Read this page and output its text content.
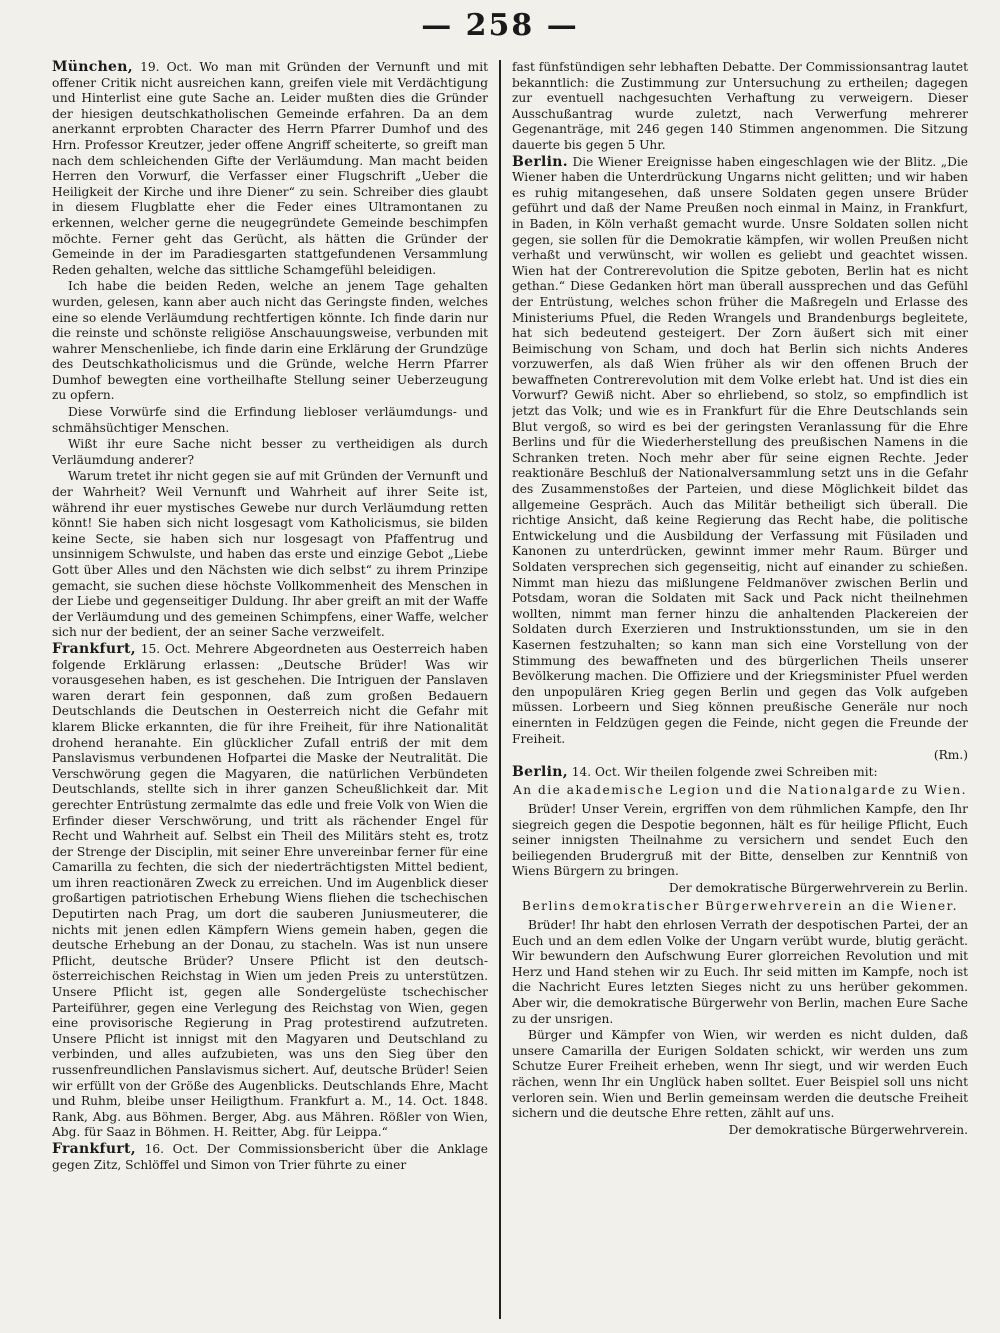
— 258 —

München, 19. Oct. Wo man mit Gründen der Vernunft und mit offener Critik nicht ausreichen kann, greifen viele mit Verdächtigung und Hinterlist eine gute Sache an. Leider mußten dies die Gründer der hiesigen deutschkatholischen Gemeinde erfahren. Da an dem anerkannt erprobten Character des Herrn Pfarrer Dumhof und des Hrn. Professor Kreutzer, jeder offene Angriff scheiterte, so greift man nach dem schleichenden Gifte der Verläumdung. Man macht beiden Herren den Vorwurf, die Verfasser einer Flugschrift „Ueber die Heiligkeit der Kirche und ihre Diener“ zu sein. Schreiber dies glaubt in diesem Flugblatte eher die Feder eines Ultramontanen zu erkennen, welcher gerne die neugegründete Gemeinde beschimpfen möchte. Ferner geht das Gerücht, als hätten die Gründer der Gemeinde in der im Paradiesgarten stattgefundenen Versammlung Reden gehalten, welche das sittliche Schamgefühl beleidigen.

Ich habe die beiden Reden, welche an jenem Tage gehalten wurden, gelesen, kann aber auch nicht das Geringste finden, welches eine so elende Verläumdung rechtfertigen könnte. Ich finde darin nur die reinste und schönste religiöse Anschauungsweise, verbunden mit wahrer Menschenliebe, ich finde darin eine Erklärung der Grundzüge des Deutschkatholicismus und die Gründe, welche Herrn Pfarrer Dumhof bewegten eine vortheilhafte Stellung seiner Ueberzeugung zu opfern.

Diese Vorwürfe sind die Erfindung liebloser verläumdungs- und schmähsüchtiger Menschen.

Wißt ihr eure Sache nicht besser zu vertheidigen als durch Verläumdung anderer?

Warum tretet ihr nicht gegen sie auf mit Gründen der Vernunft und der Wahrheit? Weil Vernunft und Wahrheit auf ihrer Seite ist, während ihr euer mystisches Gewebe nur durch Verläumdung retten könnt! Sie haben sich nicht losgesagt vom Katholicismus, sie bilden keine Secte, sie haben sich nur losgesagt von Pfaffentrug und unsinnigem Schwulste, und haben das erste und einzige Gebot „Liebe Gott über Alles und den Nächsten wie dich selbst“ zu ihrem Prinzipe gemacht, sie suchen diese höchste Vollkommenheit des Menschen in der Liebe und gegenseitiger Duldung. Ihr aber greift an mit der Waffe der Verläumdung und des gemeinen Schimpfens, einer Waffe, welcher sich nur der bedient, der an seiner Sache verzweifelt.

Frankfurt, 15. Oct. Mehrere Abgeordneten aus Oesterreich haben folgende Erklärung erlassen: „Deutsche Brüder! Was wir vorausgesehen haben, es ist geschehen. Die Intriguen der Panslaven waren derart fein gesponnen, daß zum großen Bedauern Deutschlands die Deutschen in Oesterreich nicht die Gefahr mit klarem Blicke erkannten, die für ihre Freiheit, für ihre Nationalität drohend heranahte. Ein glücklicher Zufall entriß der mit dem Panslavismus verbundenen Hofpartei die Maske der Neutralität. Die Verschwörung gegen die Magyaren, die natürlichen Verbündeten Deutschlands, stellte sich in ihrer ganzen Scheußlichkeit dar. Mit gerechter Entrüstung zermalmte das edle und freie Volk von Wien die Erfinder dieser Verschwörung, und tritt als rächender Engel für Recht und Wahrheit auf. Selbst ein Theil des Militärs steht es, trotz der Strenge der Disciplin, mit seiner Ehre unvereinbar ferner für eine Camarilla zu fechten, die sich der niederträchtigsten Mittel bedient, um ihren reactionären Zweck zu erreichen. Und im Augenblick dieser großartigen patriotischen Erhebung Wiens fliehen die tschechischen Deputirten nach Prag, um dort die sauberen Juniusmeuterer, die nichts mit jenen edlen Kämpfern Wiens gemein haben, gegen die deutsche Erhebung an der Donau, zu stacheln. Was ist nun unsere Pflicht, deutsche Brüder? Unsere Pflicht ist den deutsch-österreichischen Reichstag in Wien um jeden Preis zu unterstützen. Unsere Pflicht ist, gegen alle Sondergelüste tschechischer Parteiführer, gegen eine Verlegung des Reichstag von Wien, gegen eine provisorische Regierung in Prag protestirend aufzutreten. Unsere Pflicht ist innigst mit den Magyaren und Deutschland zu verbinden, und alles aufzubieten, was uns den Sieg über den russenfreundlichen Panslavismus sichert. Auf, deutsche Brüder! Seien wir erfüllt von der Größe des Augenblicks. Deutschlands Ehre, Macht und Ruhm, bleibe unser Heiligthum. Frankfurt a. M., 14. Oct. 1848. Rank, Abg. aus Böhmen. Berger, Abg. aus Mähren. Rößler von Wien, Abg. für Saaz in Böhmen. H. Reitter, Abg. für Leippa.“

Frankfurt, 16. Oct. Der Commissionsbericht über die Anklage gegen Zitz, Schlöffel und Simon von Trier führte zu einer

fast fünfstündigen sehr lebhaften Debatte. Der Commissionsantrag lautet bekanntlich: die Zustimmung zur Untersuchung zu ertheilen; dagegen zur eventuell nachgesuchten Verhaftung zu verweigern. Dieser Ausschußantrag wurde zuletzt, nach Verwerfung mehrerer Gegenanträge, mit 246 gegen 140 Stimmen angenommen. Die Sitzung dauerte bis gegen 5 Uhr.

Berlin. Die Wiener Ereignisse haben eingeschlagen wie der Blitz. „Die Wiener haben die Unterdrückung Ungarns nicht gelitten; und wir haben es ruhig mitangesehen, daß unsere Soldaten gegen unsere Brüder geführt und daß der Name Preußen noch einmal in Mainz, in Frankfurt, in Baden, in Köln verhaßt gemacht wurde. Unsre Soldaten sollen nicht gegen, sie sollen für die Demokratie kämpfen, wir wollen Preußen nicht verhaßt und verwünscht, wir wollen es geliebt und geachtet wissen. Wien hat der Contrerevolution die Spitze geboten, Berlin hat es nicht gethan.“ Diese Gedanken hört man überall aussprechen und das Gefühl der Entrüstung, welches schon früher die Maßregeln und Erlasse des Ministeriums Pfuel, die Reden Wrangels und Brandenburgs begleitete, hat sich bedeutend gesteigert. Der Zorn äußert sich mit einer Beimischung von Scham, und doch hat Berlin sich nichts Anderes vorzuwerfen, als daß Wien früher als wir den offenen Bruch der bewaffneten Contrerevolution mit dem Volke erlebt hat. Und ist dies ein Vorwurf? Gewiß nicht. Aber so ehrliebend, so stolz, so empfindlich ist jetzt das Volk; und wie es in Frankfurt für die Ehre Deutschlands sein Blut vergoß, so wird es bei der geringsten Veranlassung für die Ehre Berlins und für die Wiederherstellung des preußischen Namens in die Schranken treten. Noch mehr aber für seine eignen Rechte. Jeder reaktionäre Beschluß der Nationalversammlung setzt uns in die Gefahr des Zusammenstoßes der Parteien, und diese Möglichkeit bildet das allgemeine Gespräch. Auch das Militär betheiligt sich überall. Die richtige Ansicht, daß keine Regierung das Recht habe, die politische Entwickelung und die Ausbildung der Verfassung mit Füsiladen und Kanonen zu unterdrücken, gewinnt immer mehr Raum. Bürger und Soldaten versprechen sich gegenseitig, nicht auf einander zu schießen. Nimmt man hiezu das mißlungene Feldmanöver zwischen Berlin und Potsdam, woran die Soldaten mit Sack und Pack nicht theilnehmen wollten, nimmt man ferner hinzu die anhaltenden Plackereien der Soldaten durch Exerzieren und Instruktionsstunden, um sie in den Kasernen festzuhalten; so kann man sich eine Vorstellung von der Stimmung des bewaffneten und des bürgerlichen Theils unserer Bevölkerung machen. Die Offiziere und der Kriegsminister Pfuel werden den unpopulären Krieg gegen Berlin und gegen das Volk aufgeben müssen. Lorbeern und Sieg können preußische Generäle nur noch einernten in Feldzügen gegen die Feinde, nicht gegen die Freunde der Freiheit.

(Rm.)

Berlin, 14. Oct. Wir theilen folgende zwei Schreiben mit:

An die akademische Legion und die Nationalgarde zu Wien.

Brüder! Unser Verein, ergriffen von dem rühmlichen Kampfe, den Ihr siegreich gegen die Despotie begonnen, hält es für heilige Pflicht, Euch seiner innigsten Theilnahme zu versichern und sendet Euch den beiliegenden Brudergruß mit der Bitte, denselben zur Kenntniß von Wiens Bürgern zu bringen.

Der demokratische Bürgerwehrverein zu Berlin.

Berlins demokratischer Bürgerwehrverein an die Wiener.

Brüder! Ihr habt den ehrlosen Verrath der despotischen Partei, der an Euch und an dem edlen Volke der Ungarn verübt wurde, blutig gerächt. Wir bewundern den Aufschwung Eurer glorreichen Revolution und mit Herz und Hand stehen wir zu Euch. Ihr seid mitten im Kampfe, noch ist die Nachricht Eures letzten Sieges nicht zu uns herüber gekommen. Aber wir, die demokratische Bürgerwehr von Berlin, machen Eure Sache zu der unsrigen.

Bürger und Kämpfer von Wien, wir werden es nicht dulden, daß unsere Camarilla der Eurigen Soldaten schickt, wir werden uns zum Schutze Eurer Freiheit erheben, wenn Ihr siegt, und wir werden Euch rächen, wenn Ihr ein Unglück haben solltet. Euer Beispiel soll uns nicht verloren sein. Wien und Berlin gemeinsam werden die deutsche Freiheit sichern und die deutsche Ehre retten, zählt auf uns.

Der demokratische Bürgerwehrverein.
